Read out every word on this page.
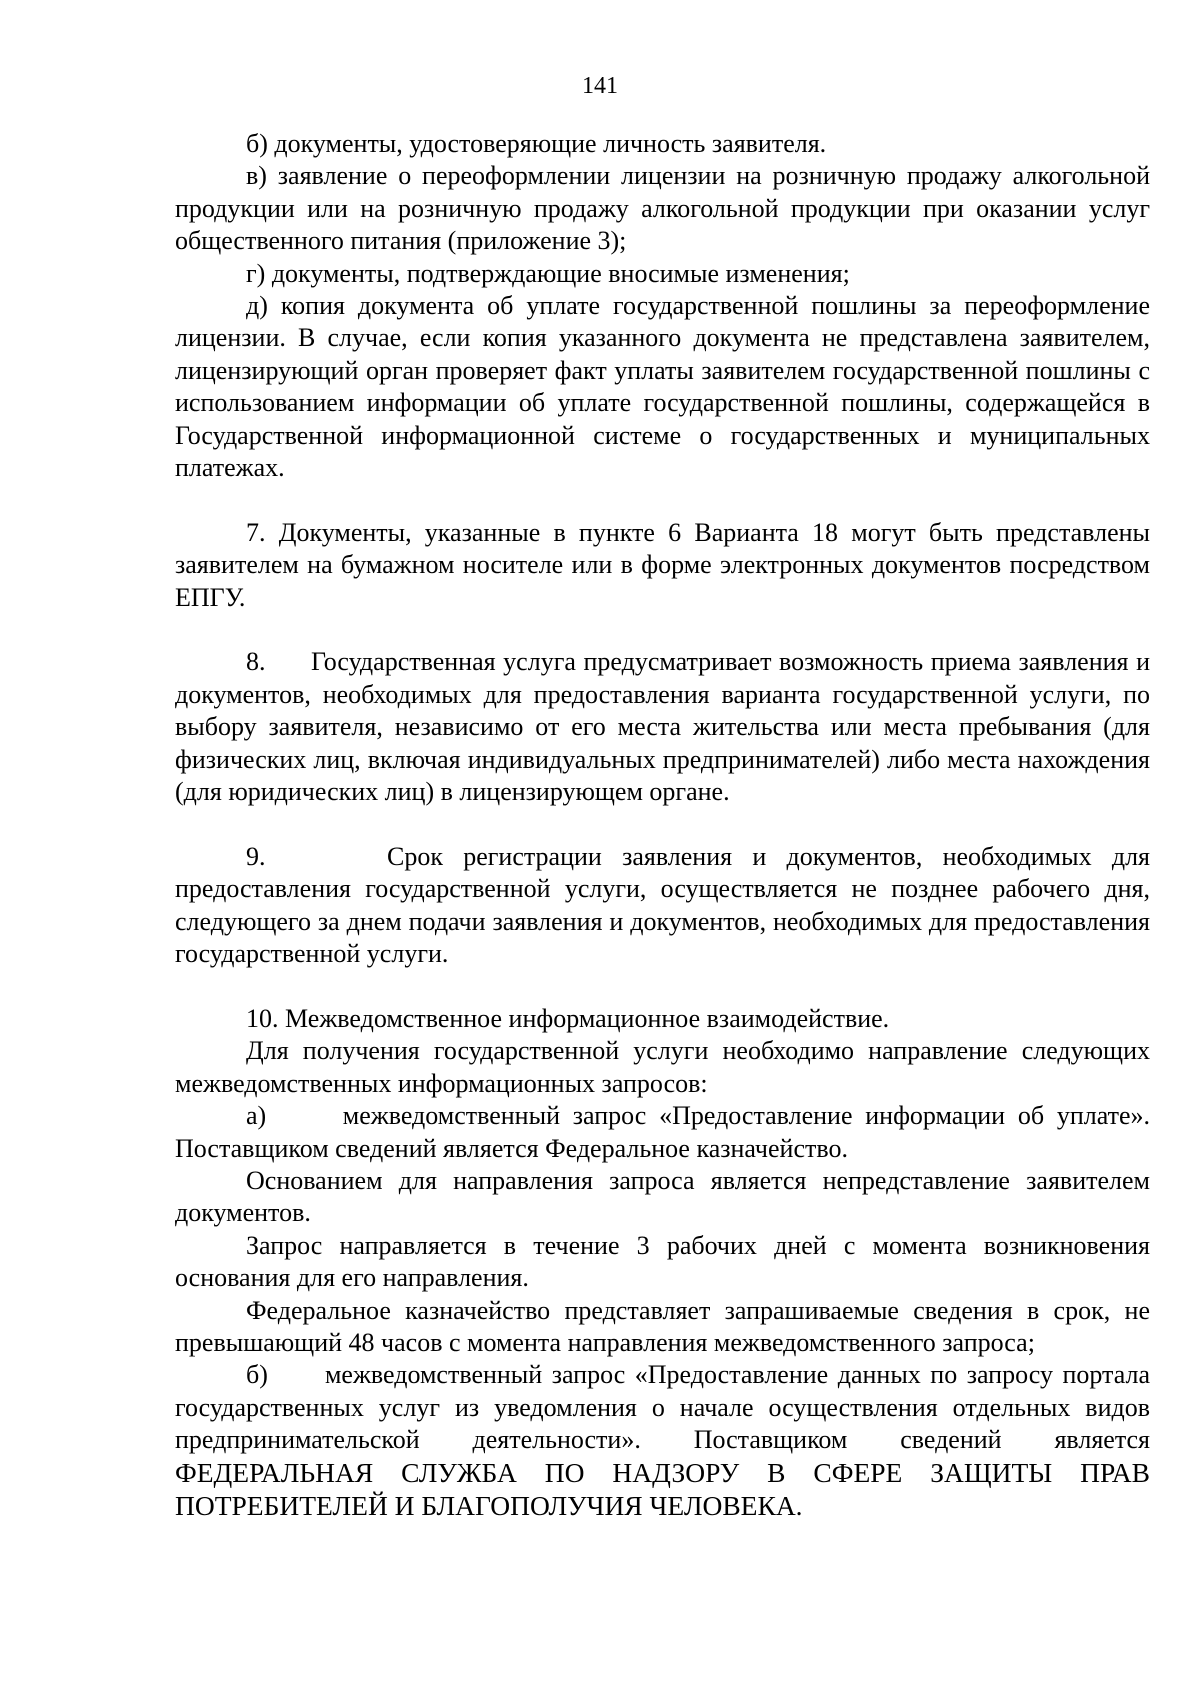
141

б) документы, удостоверяющие личность заявителя.

в) заявление о переоформлении лицензии на розничную продажу алкогольной продукции или на розничную продажу алкогольной продукции при оказании услуг общественного питания (приложение 3);

г) документы, подтверждающие вносимые изменения;

д) копия документа об уплате государственной пошлины за переоформление лицензии. В случае, если копия указанного документа не представлена заявителем, лицензирующий орган проверяет факт уплаты заявителем государственной пошлины с использованием информации об уплате государственной пошлины, содержащейся в Государственной информационной системе о государственных и муниципальных платежах.

7. Документы, указанные в пункте 6 Варианта 18 могут быть представлены заявителем на бумажном носителе или в форме электронных документов посредством ЕПГУ.

8.      Государственная услуга предусматривает возможность приема заявления и документов, необходимых для предоставления варианта государственной услуги, по выбору заявителя, независимо от его места жительства или места пребывания (для физических лиц, включая индивидуальных предпринимателей) либо места нахождения (для юридических лиц) в лицензирующем органе.

9.      Срок регистрации заявления и документов, необходимых для предоставления государственной услуги, осуществляется не позднее рабочего дня, следующего за днем подачи заявления и документов, необходимых для предоставления государственной услуги.

10. Межведомственное информационное взаимодействие.

Для получения государственной услуги необходимо направление следующих межведомственных информационных запросов:

а)      межведомственный запрос «Предоставление информации об уплате». Поставщиком сведений является Федеральное казначейство.

Основанием для направления запроса является непредставление заявителем документов.

Запрос направляется в течение 3 рабочих дней с момента возникновения основания для его направления.

Федеральное казначейство представляет запрашиваемые сведения в срок, не превышающий 48 часов с момента направления межведомственного запроса;

б)      межведомственный запрос «Предоставление данных по запросу портала государственных услуг из уведомления о начале осуществления отдельных видов предпринимательской деятельности». Поставщиком сведений является ФЕДЕРАЛЬНАЯ СЛУЖБА ПО НАДЗОРУ В СФЕРЕ ЗАЩИТЫ ПРАВ ПОТРЕБИТЕЛЕЙ И БЛАГОПОЛУЧИЯ ЧЕЛОВЕКА.
